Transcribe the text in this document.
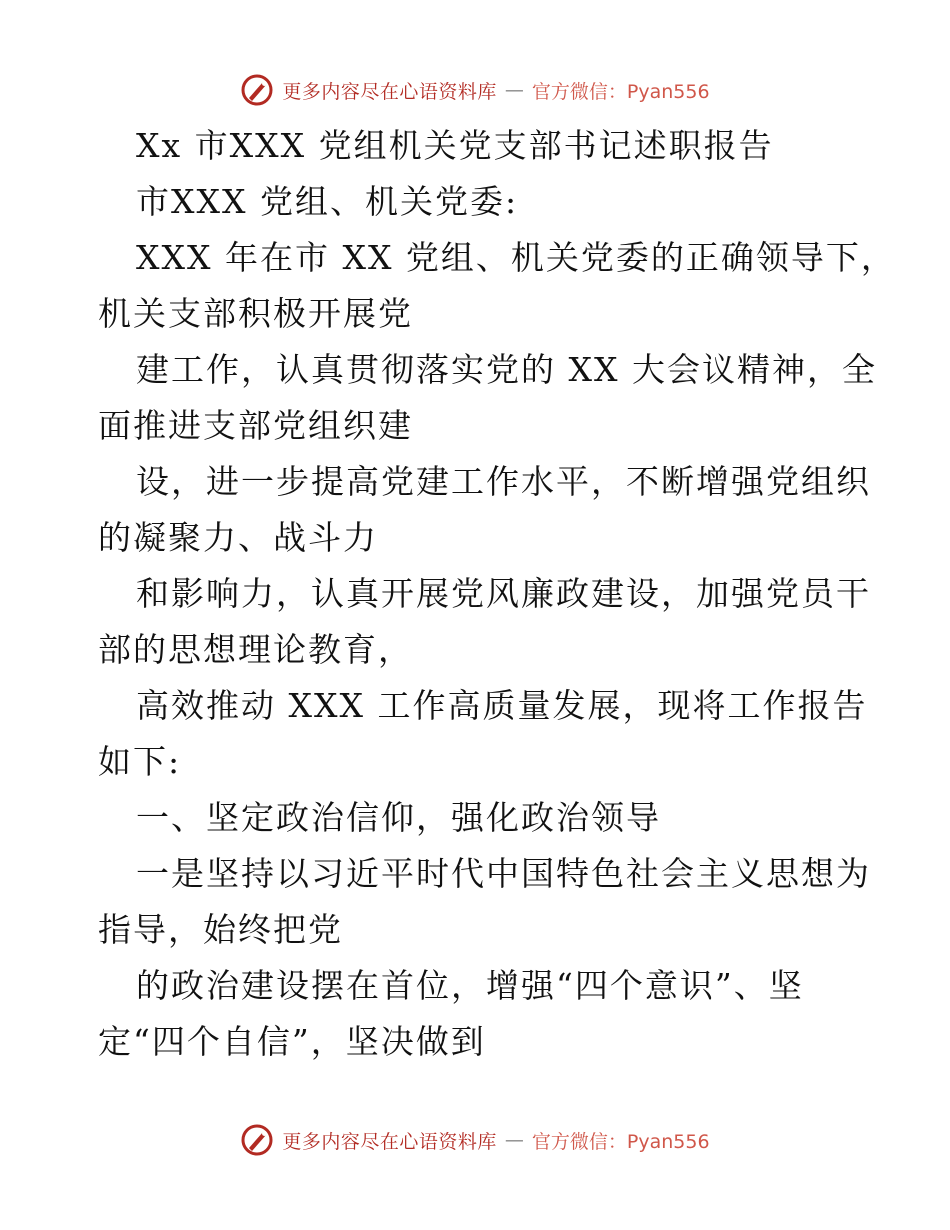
更多内容尽在心语资料库 — 官方微信：Pyan556
Xx 市XXX 党组机关党支部书记述职报告
市XXX 党组、机关党委:
XXX 年在市 XX 党组、机关党委的正确领导下，
机关支部积极开展党
建工作，认真贯彻落实党的 XX 大会议精神，全
面推进支部党组织建
设，进一步提高党建工作水平，不断增强党组织
的凝聚力、战斗力
和影响力，认真开展党风廉政建设，加强党员干
部的思想理论教育，
高效推动 XXX 工作高质量发展，现将工作报告
如下:
一、坚定政治信仰，强化政治领导
一是坚持以习近平时代中国特色社会主义思想为
指导，始终把党
的政治建设摆在首位，增强“四个意识”、坚
定“四个自信”，坚决做到
更多内容尽在心语资料库 — 官方微信：Pyan556
